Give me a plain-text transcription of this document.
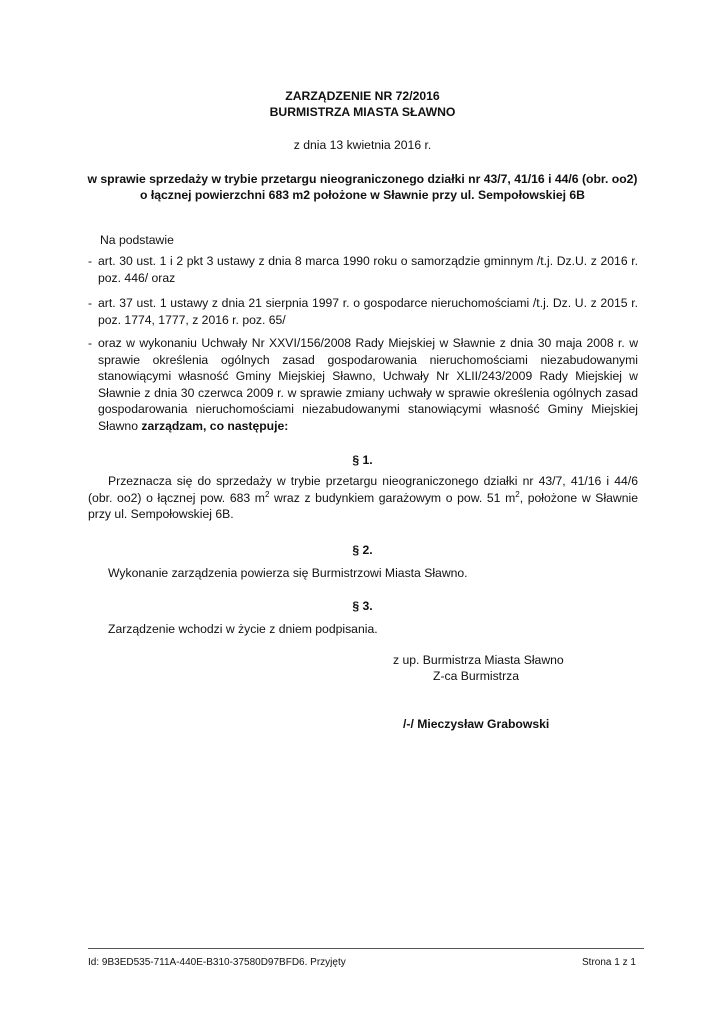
ZARZĄDZENIE NR 72/2016
BURMISTRZA MIASTA SŁAWNO
z dnia 13 kwietnia 2016 r.
w sprawie sprzedaży w trybie przetargu nieograniczonego działki nr 43/7, 41/16 i 44/6 (obr. oo2)
o łącznej powierzchni 683 m2 położone w Sławnie przy ul. Sempołowskiej 6B
Na podstawie
- art. 30 ust. 1 i 2 pkt 3 ustawy z dnia 8 marca 1990 roku o samorządzie gminnym /t.j. Dz.U. z 2016 r. poz. 446/ oraz
- art. 37 ust. 1 ustawy z dnia 21 sierpnia 1997 r. o gospodarce nieruchomościami /t.j. Dz. U. z 2015 r. poz. 1774, 1777, z 2016 r. poz. 65/
- oraz w wykonaniu Uchwały Nr XXVI/156/2008 Rady Miejskiej w Sławnie z dnia 30 maja 2008 r. w sprawie określenia ogólnych zasad gospodarowania nieruchomościami niezabudowanymi stanowiącymi własność Gminy Miejskiej Sławno, Uchwały Nr XLII/243/2009 Rady Miejskiej w Sławnie z dnia 30 czerwca 2009 r. w sprawie zmiany uchwały w sprawie określenia ogólnych zasad gospodarowania nieruchomościami niezabudowanymi stanowiącymi własność Gminy Miejskiej Sławno zarządzam, co następuje:
§ 1.
Przeznacza się do sprzedaży w trybie przetargu nieograniczonego działki nr 43/7, 41/16 i 44/6 (obr. oo2) o łącznej pow. 683 $m^2$ wraz z budynkiem garażowym o pow. 51 $m^2$, położone w Sławnie przy ul. Sempołowskiej 6B.
§ 2.
Wykonanie zarządzenia powierza się Burmistrzowi Miasta Sławno.
§ 3.
Zarządzenie wchodzi w życie z dniem podpisania.
z up. Burmistrza Miasta Sławno
Z-ca Burmistrza
/-/ Mieczysław Grabowski
Id: 9B3ED535-711A-440E-B310-37580D97BFD6. Przyjęty	Strona 1 z 1
